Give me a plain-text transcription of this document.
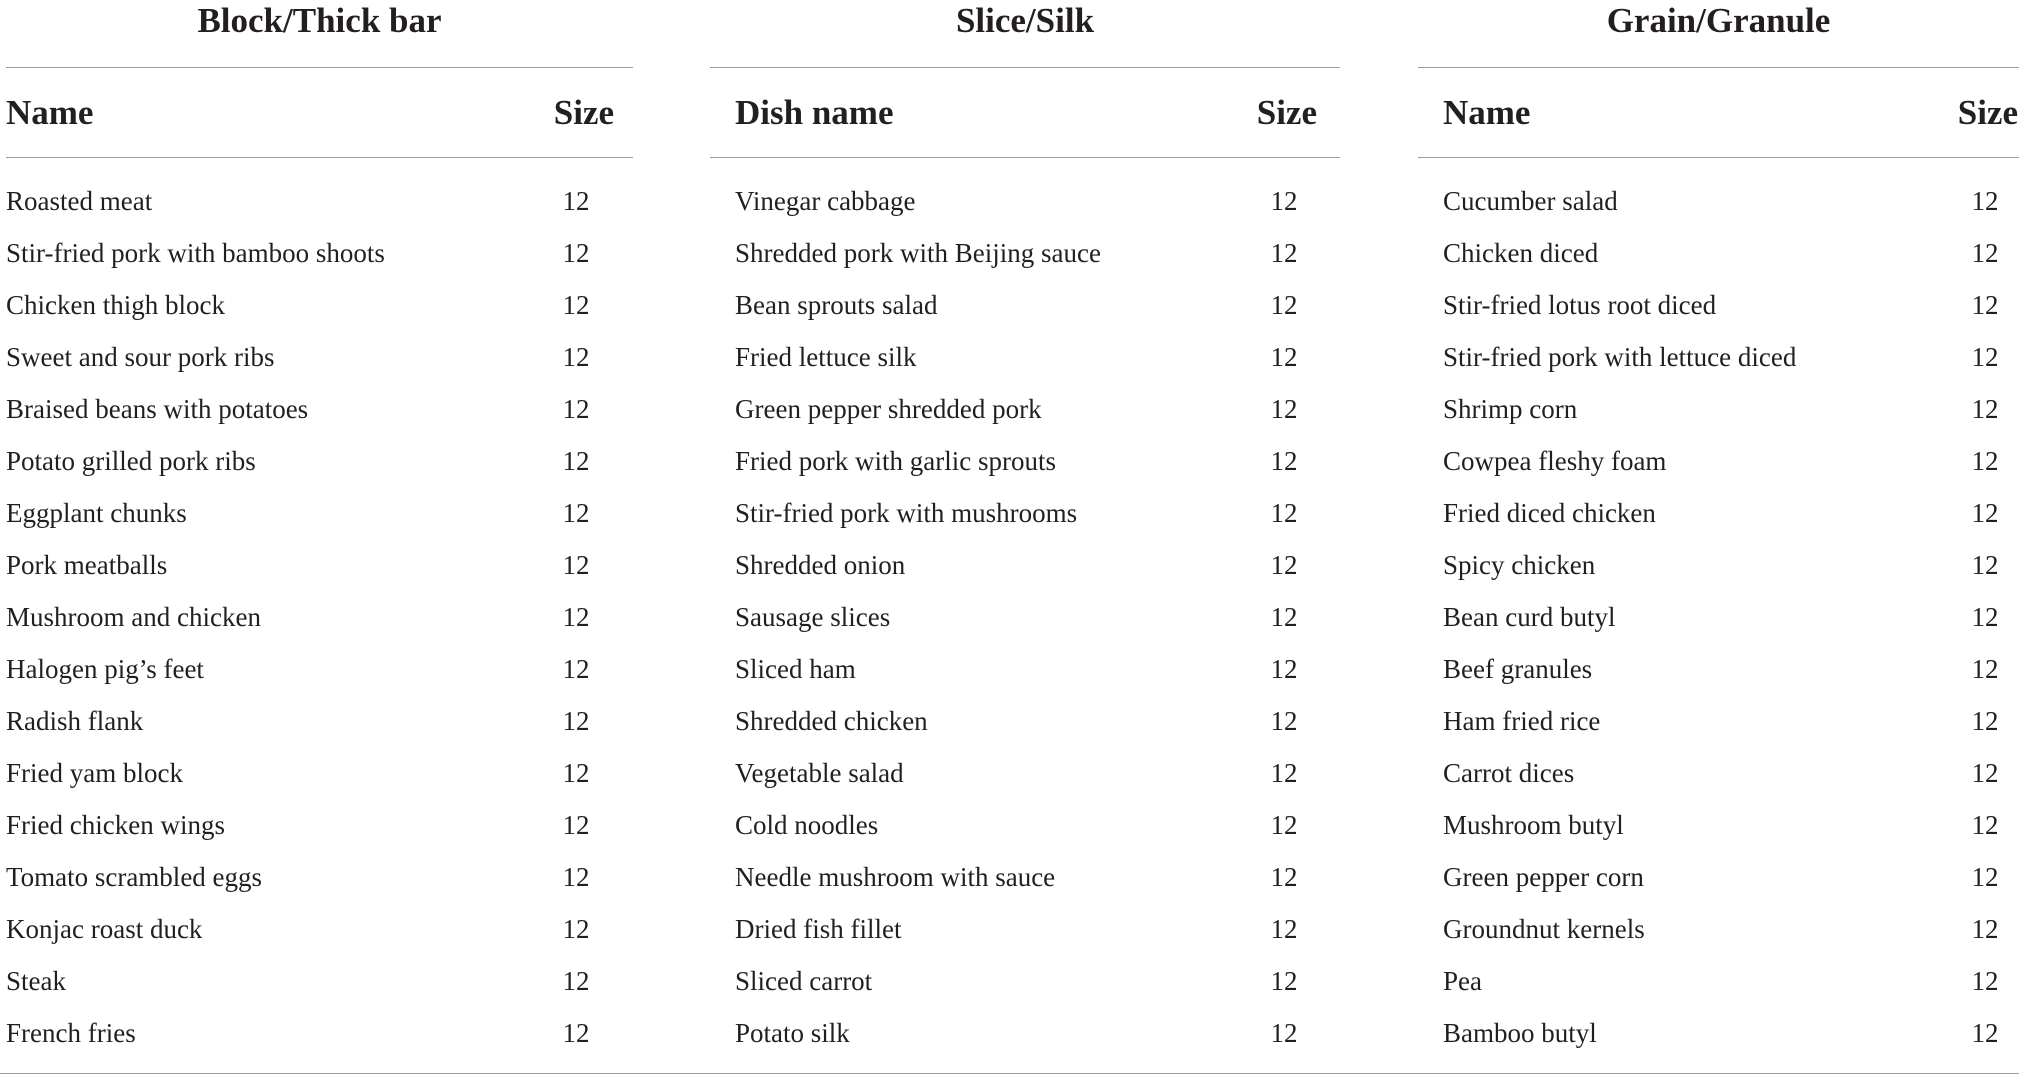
Block/Thick bar
Name	Size
Roasted meat	12
Stir-fried pork with bamboo shoots	12
Chicken thigh block	12
Sweet and sour pork ribs	12
Braised beans with potatoes	12
Potato grilled pork ribs	12
Eggplant chunks	12
Pork meatballs	12
Mushroom and chicken	12
Halogen pig’s feet	12
Radish flank	12
Fried yam block	12
Fried chicken wings	12
Tomato scrambled eggs	12
Konjac roast duck	12
Steak	12
French fries	12
Slice/Silk
Dish name	Size
Vinegar cabbage	12
Shredded pork with Beijing sauce	12
Bean sprouts salad	12
Fried lettuce silk	12
Green pepper shredded pork	12
Fried pork with garlic sprouts	12
Stir-fried pork with mushrooms	12
Shredded onion	12
Sausage slices	12
Sliced ham	12
Shredded chicken	12
Vegetable salad	12
Cold noodles	12
Needle mushroom with sauce	12
Dried fish fillet	12
Sliced carrot	12
Potato silk	12
Grain/Granule
Name	Size
Cucumber salad	12
Chicken diced	12
Stir-fried lotus root diced	12
Stir-fried pork with lettuce diced	12
Shrimp corn	12
Cowpea fleshy foam	12
Fried diced chicken	12
Spicy chicken	12
Bean curd butyl	12
Beef granules	12
Ham fried rice	12
Carrot dices	12
Mushroom butyl	12
Green pepper corn	12
Groundnut kernels	12
Pea	12
Bamboo butyl	12
